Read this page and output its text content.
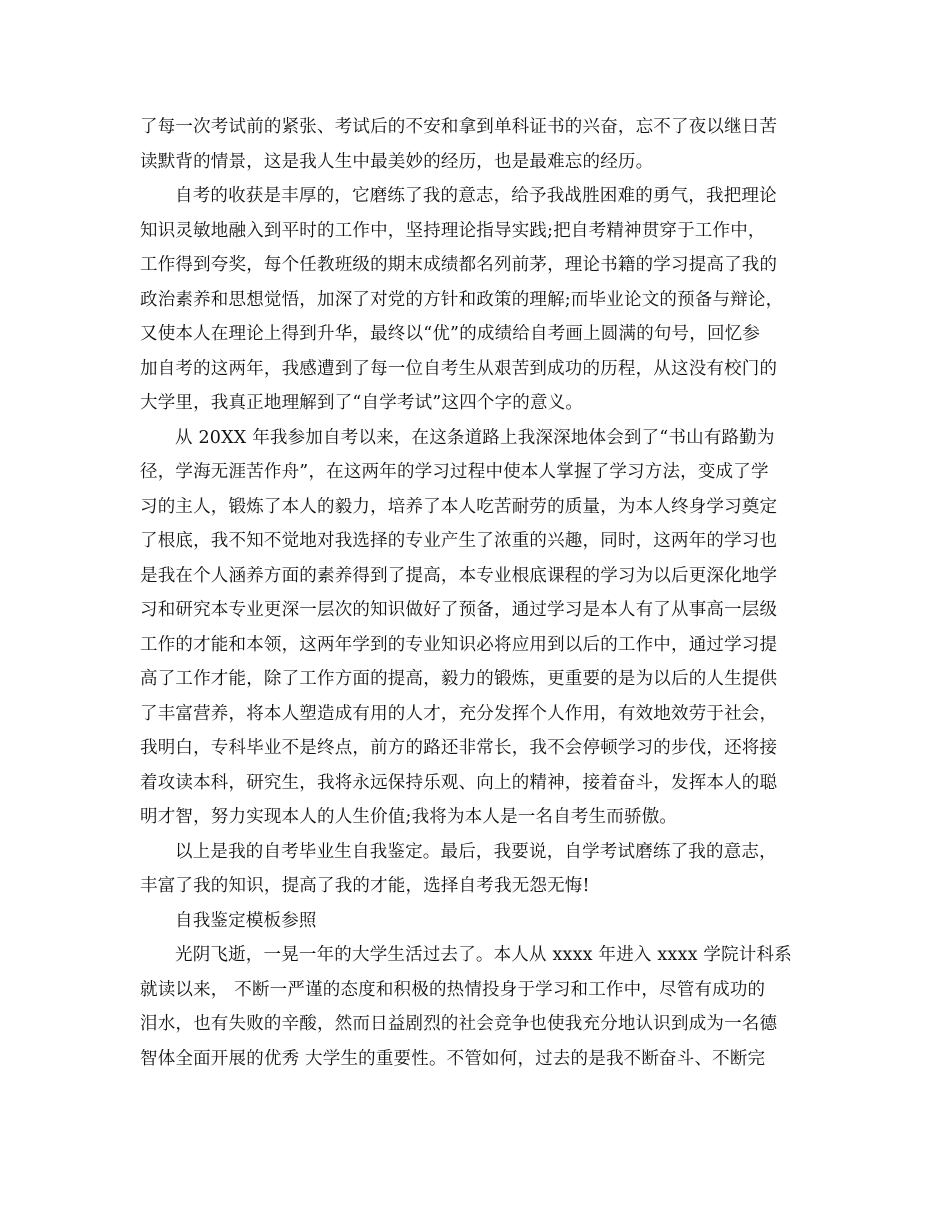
了每一次考试前的紧张、考试后的不安和拿到单科证书的兴奋，忘不了夜以继日苦
读默背的情景，这是我人生中最美妙的经历，也是最难忘的经历。
自考的收获是丰厚的，它磨练了我的意志，给予我战胜困难的勇气，我把理论
知识灵敏地融入到平时的工作中，坚持理论指导实践;把自考精神贯穿于工作中，
工作得到夸奖，每个任教班级的期末成绩都名列前茅，理论书籍的学习提高了我的
政治素养和思想觉悟，加深了对党的方针和政策的理解;而毕业论文的预备与辩论，
又使本人在理论上得到升华，最终以“优”的成绩给自考画上圆满的句号，回忆参
加自考的这两年，我感遭到了每一位自考生从艰苦到成功的历程，从这没有校门的
大学里，我真正地理解到了“自学考试”这四个字的意义。
从 20XX 年我参加自考以来，在这条道路上我深深地体会到了“书山有路勤为
径，学海无涯苦作舟”，在这两年的学习过程中使本人掌握了学习方法，变成了学
习的主人，锻炼了本人的毅力，培养了本人吃苦耐劳的质量，为本人终身学习奠定
了根底，我不知不觉地对我选择的专业产生了浓重的兴趣，同时，这两年的学习也
是我在个人涵养方面的素养得到了提高，本专业根底课程的学习为以后更深化地学
习和研究本专业更深一层次的知识做好了预备，通过学习是本人有了从事高一层级
工作的才能和本领，这两年学到的专业知识必将应用到以后的工作中，通过学习提
高了工作才能，除了工作方面的提高，毅力的锻炼，更重要的是为以后的人生提供
了丰富营养，将本人塑造成有用的人才，充分发挥个人作用，有效地效劳于社会，
我明白，专科毕业不是终点，前方的路还非常长，我不会停顿学习的步伐，还将接
着攻读本科，研究生，我将永远保持乐观、向上的精神，接着奋斗，发挥本人的聪
明才智，努力实现本人的人生价值;我将为本人是一名自考生而骄傲。
以上是我的自考毕业生自我鉴定。最后，我要说，自学考试磨练了我的意志，
丰富了我的知识，提高了我的才能，选择自考我无怨无悔!
自我鉴定模板参照
光阴飞逝，一晃一年的大学生活过去了。本人从 xxxx 年进入 xxxx 学院计科系
就读以来， 不断一严谨的态度和积极的热情投身于学习和工作中，尽管有成功的
泪水，也有失败的辛酸，然而日益剧烈的社会竞争也使我充分地认识到成为一名德
智体全面开展的优秀 大学生的重要性。不管如何，过去的是我不断奋斗、不断完
